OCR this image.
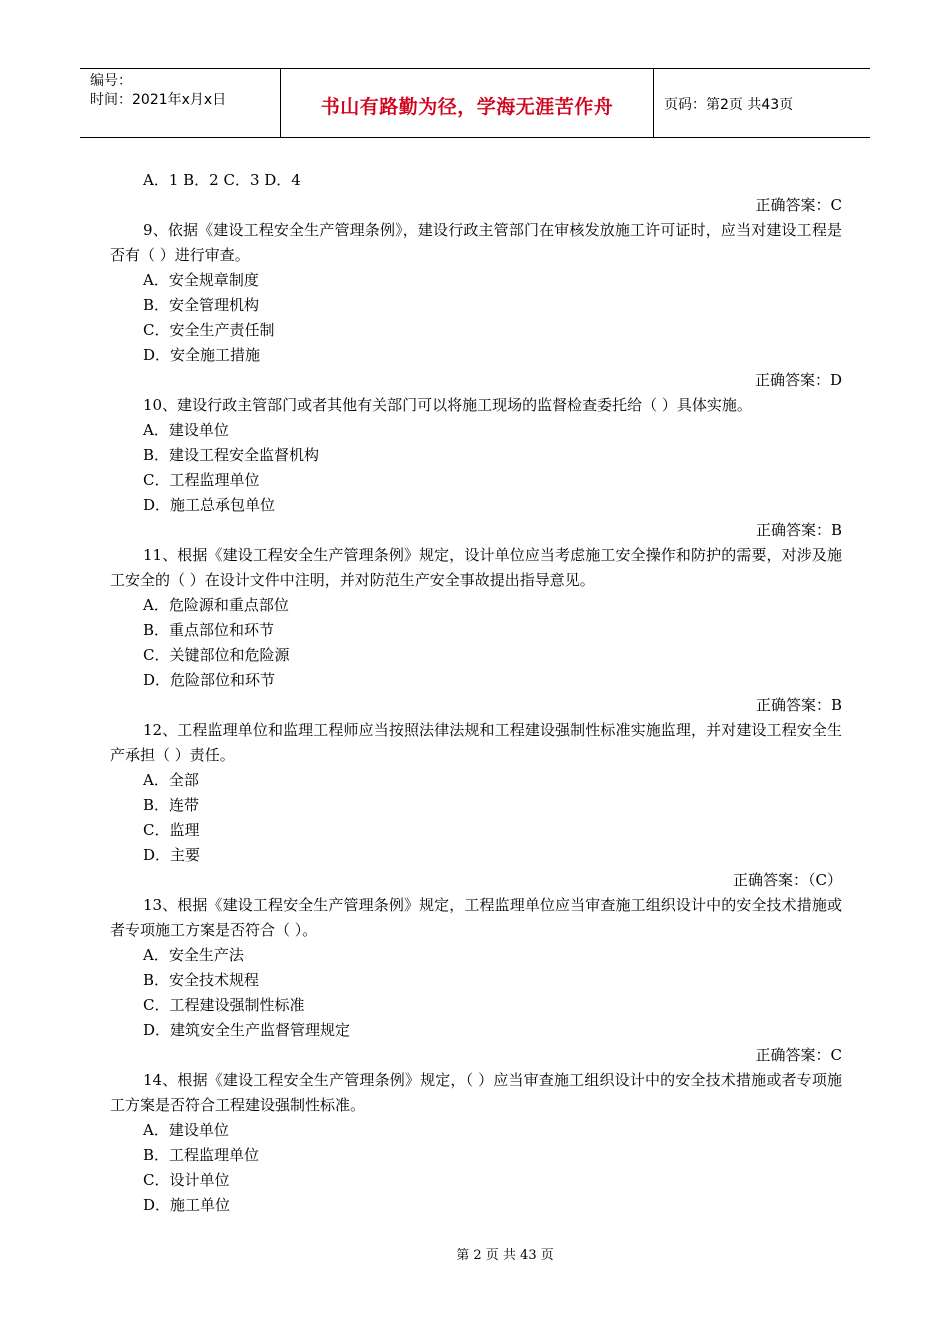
编号：
时间：2021年x月x日	书山有路勤为径，学海无涯苦作舟	页码：第2页 共43页
A．1 B．2 C．3 D．4
正确答案：C
9、依据《建设工程安全生产管理条例》，建设行政主管部门在审核发放施工许可证时，应当对建设工程是否有（ ）进行审查。
A．安全规章制度
B．安全管理机构
C．安全生产责任制
D．安全施工措施
正确答案：D
10、建设行政主管部门或者其他有关部门可以将施工现场的监督检查委托给（ ）具体实施。
A．建设单位
B．建设工程安全监督机构
C．工程监理单位
D．施工总承包单位
正确答案：B
11、根据《建设工程安全生产管理条例》规定，设计单位应当考虑施工安全操作和防护的需要，对涉及施工安全的（ ）在设计文件中注明，并对防范生产安全事故提出指导意见。
A．危险源和重点部位
B．重点部位和环节
C．关键部位和危险源
D．危险部位和环节
正确答案：B
12、工程监理单位和监理工程师应当按照法律法规和工程建设强制性标准实施监理，并对建设工程安全生产承担（ ）责任。
A．全部
B．连带
C．监理
D．主要
正确答案：（C）
13、根据《建设工程安全生产管理条例》规定，工程监理单位应当审查施工组织设计中的安全技术措施或者专项施工方案是否符合（ ）。
A．安全生产法
B．安全技术规程
C．工程建设强制性标准
D．建筑安全生产监督管理规定
正确答案：C
14、根据《建设工程安全生产管理条例》规定，（ ）应当审查施工组织设计中的安全技术措施或者专项施工方案是否符合工程建设强制性标准。
A．建设单位
B．工程监理单位
C．设计单位
D．施工单位
第 2 页 共 43 页
